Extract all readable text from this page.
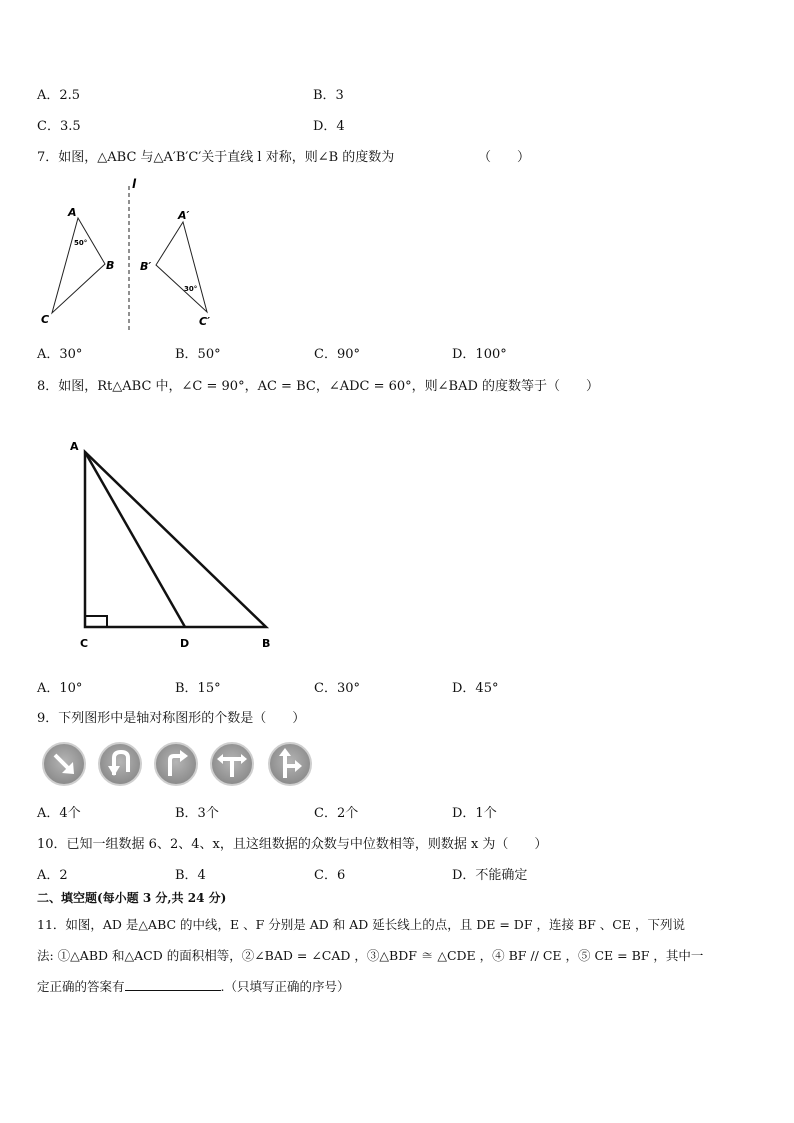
A．2.5	B．3
C．3.5	D．4
7．如图，△ABC 与△A′B′C′关于直线 l 对称，则∠B 的度数为	（　　）
l
A
B
C
50°
A′
B′
C′
30°
A．30°	B．50°	C．90°	D．100°
8．如图，Rt△ABC 中，∠C = 90°，AC = BC，∠ADC = 60°，则∠BAD 的度数等于（　　）
A
C	D	B
A．10°	B．15°	C．30°	D．45°
9．下列图形中是轴对称图形的个数是（　　）
A．4个	B．3个	C．2个	D．1个
10．已知一组数据 6、2、4、x，且这组数据的众数与中位数相等，则数据 x 为（　　）
A．2	B．4	C．6	D．不能确定
二、填空题(每小题 3 分,共 24 分)
11．如图，AD 是△ABC 的中线，E 、F 分别是 AD 和 AD 延长线上的点，且 DE = DF ，连接 BF 、CE ，下列说
法: ①△ABD 和△ACD 的面积相等，②∠BAD = ∠CAD ，③△BDF ≅ △CDE ，④ BF // CE ，⑤ CE = BF ，其中一
定正确的答案有	.（只填写正确的序号）
